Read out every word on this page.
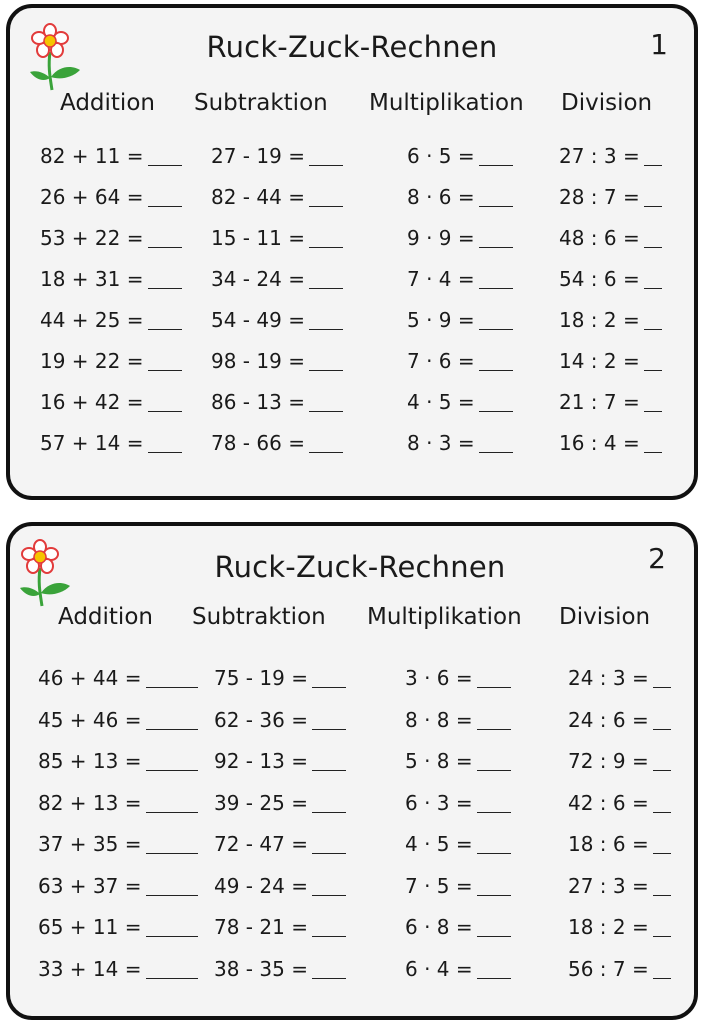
Ruck-Zuck-Rechnen	1
Addition Subtraktion Multiplikation Division
82 + 11 =
26 + 64 =
53 + 22 =
18 + 31 =
44 + 25 =
19 + 22 =
16 + 42 =
57 + 14 =
27 - 19 =
82 - 44 =
15 - 11 =
34 - 24 =
54 - 49 =
98 - 19 =
86 - 13 =
78 - 66 =
6 · 5 =
8 · 6 =
9 · 9 =
7 · 4 =
5 · 9 =
7 · 6 =
4 · 5 =
8 · 3 =
27 : 3 =
28 : 7 =
48 : 6 =
54 : 6 =
18 : 2 =
14 : 2 =
21 : 7 =
16 : 4 =
Ruck-Zuck-Rechnen	2
Addition Subtraktion Multiplikation Division
46 + 44 =
45 + 46 =
85 + 13 =
82 + 13 =
37 + 35 =
63 + 37 =
65 + 11 =
33 + 14 =
75 - 19 =
62 - 36 =
92 - 13 =
39 - 25 =
72 - 47 =
49 - 24 =
78 - 21 =
38 - 35 =
3 · 6 =
8 · 8 =
5 · 8 =
6 · 3 =
4 · 5 =
7 · 5 =
6 · 8 =
6 · 4 =
24 : 3 =
24 : 6 =
72 : 9 =
42 : 6 =
18 : 6 =
27 : 3 =
18 : 2 =
56 : 7 =
